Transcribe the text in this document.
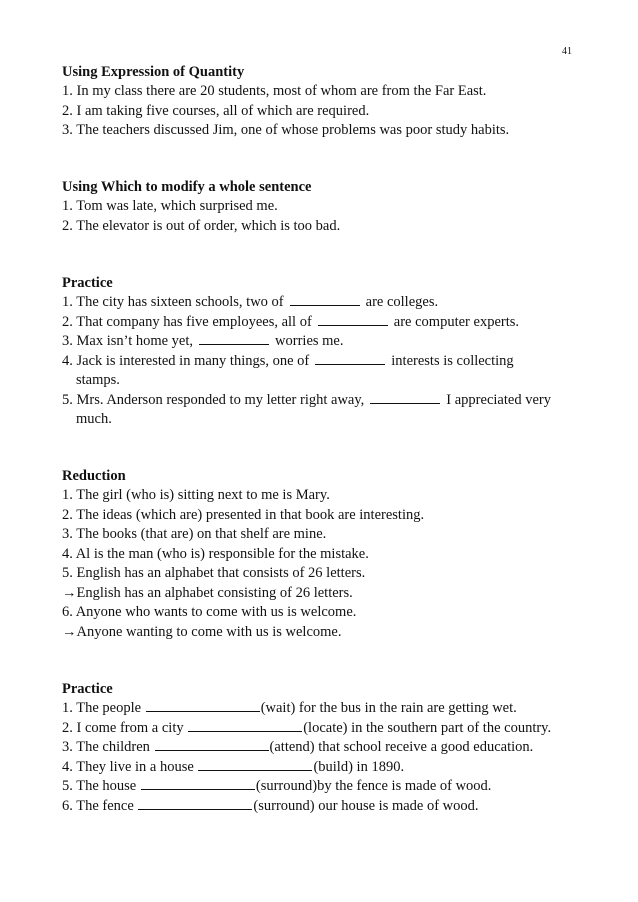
41
Using Expression of Quantity
1. In my class there are 20 students, most of whom are from the Far East.
2. I am taking five courses, all of which are required.
3. The teachers discussed Jim, one of whose problems was poor study habits.
Using Which to modify a whole sentence
1. Tom was late, which surprised me.
2. The elevator is out of order, which is too bad.
Practice
1. The city has sixteen schools, two of	are colleges.
2. That company has five employees, all of	are computer experts.
3. Max isn’t home yet,	worries me.
4. Jack is interested in many things, one of	interests is collecting
stamps.
5. Mrs. Anderson responded to my letter right away,	I appreciated very
much.
Reduction
1. The girl (who is) sitting next to me is Mary.
2. The ideas (which are) presented in that book are interesting.
3. The books (that are) on that shelf are mine.
4. Al is the man (who is) responsible for the mistake.
5. English has an alphabet that consists of 26 letters.
→English has an alphabet consisting of 26 letters.
6. Anyone who wants to come with us is welcome.
→Anyone wanting to come with us is welcome.
Practice
1. The people	(wait) for the bus in the rain are getting wet.
2. I come from a city	(locate) in the southern part of the country.
3. The children	(attend) that school receive a good education.
4. They live in a house	(build) in 1890.
5. The house	(surround)by the fence is made of wood.
6. The fence	(surround) our house is made of wood.
